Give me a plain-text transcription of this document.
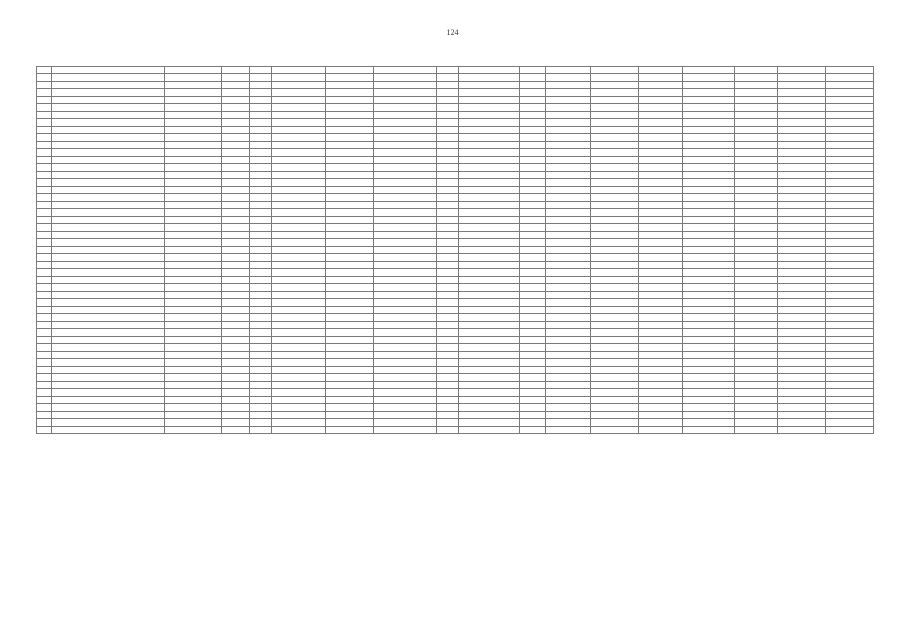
124
